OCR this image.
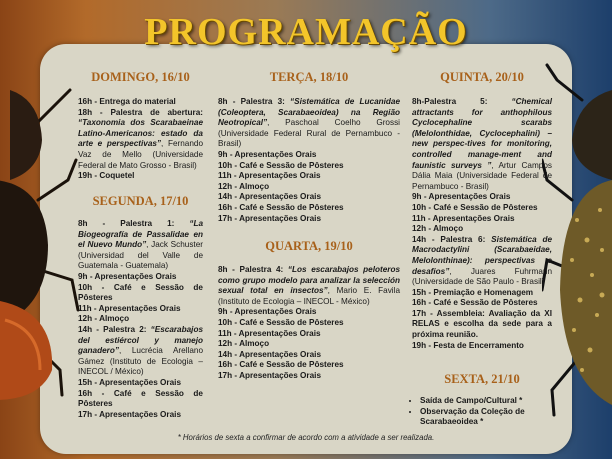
PROGRAMAÇÃO
DOMINGO, 16/10

16h - Entrega do material

18h - Palestra de abertura: “Taxonomia dos Scarabaeinae Latino-Americanos: estado da arte e perspectivas”, Fernando Vaz de Mello (Universidade Federal de Mato Grosso - Brasil)

19h - Coquetel

SEGUNDA, 17/10

8h - Palestra 1: “La Biogeografía de Passalidae en el Nuevo Mundo”, Jack Schuster (Universidad del Valle de Guatemala - Guatemala)

9h - Apresentações Orais

10h - Café e Sessão de Pôsteres

11h - Apresentações Orais

12h - Almoço

14h - Palestra 2: “Escarabajos del estiércol y manejo ganadero”, Lucrécia Arellano Gámez (Instituto de Ecologia – INECOL / México)

15h - Apresentações Orais

16h - Café e Sessão de Pôsteres

17h - Apresentações Orais

TERÇA, 18/10

8h - Palestra 3: “Sistemática de Lucanidae (Coleoptera, Scarabaeoidea) na Região Neotropical”, Paschoal Coelho Grossi (Universidade Federal Rural de Pernambuco - Brasil)

9h - Apresentações Orais

10h - Café e Sessão de Pôsteres

11h - Apresentações Orais

12h - Almoço

14h - Apresentações Orais

16h - Café e Sessão de Pôsteres

17h - Apresentações Orais

QUARTA, 19/10

8h - Palestra 4: “Los escarabajos peloteros como grupo modelo para analizar la selección sexual total en insectos”, Mario E. Favila (Instituto de Ecologia – INECOL - México)

9h - Apresentações Orais

10h - Café e Sessão de Pôsteres

11h - Apresentações Orais

12h - Almoço

14h - Apresentações Orais

16h - Café e Sessão de Pôsteres

17h - Apresentações Orais

QUINTA, 20/10

8h-Palestra 5:	“Chemical attractants for anthophilous Cyclocephaline scarabs (Melolonthidae, Cyclocephalini) – new perspec-tives for monitoring, controlled manage-ment and faunistic surveys ”, Artur Campos Dália Maia (Universidade Federal de Pernambuco - Brasil)

9h - Apresentações Orais

10h - Café e Sessão de Pôsteres

11h - Apresentações Orais

12h - Almoço

14h - Palestra 6: Sistemática de Macrodactylini (Scarabaeidae, Melolonthinae): perspectivas e desafios”, Juares Fuhrmann (Universidade de São Paulo - Brasil)

15h - Premiação e Homenagem

16h - Café e Sessão de Pôsteres

17h - Assembleia: Avaliação da XI RELAS e escolha da sede para a próxima reunião.

19h - Festa de Encerramento

SEXTA, 21/10
• Saída de Campo/Cultural *
• Observação da Coleção de Scarabaeoidea *
* Horários de sexta a confirmar de acordo com a atividade a ser realizada.
